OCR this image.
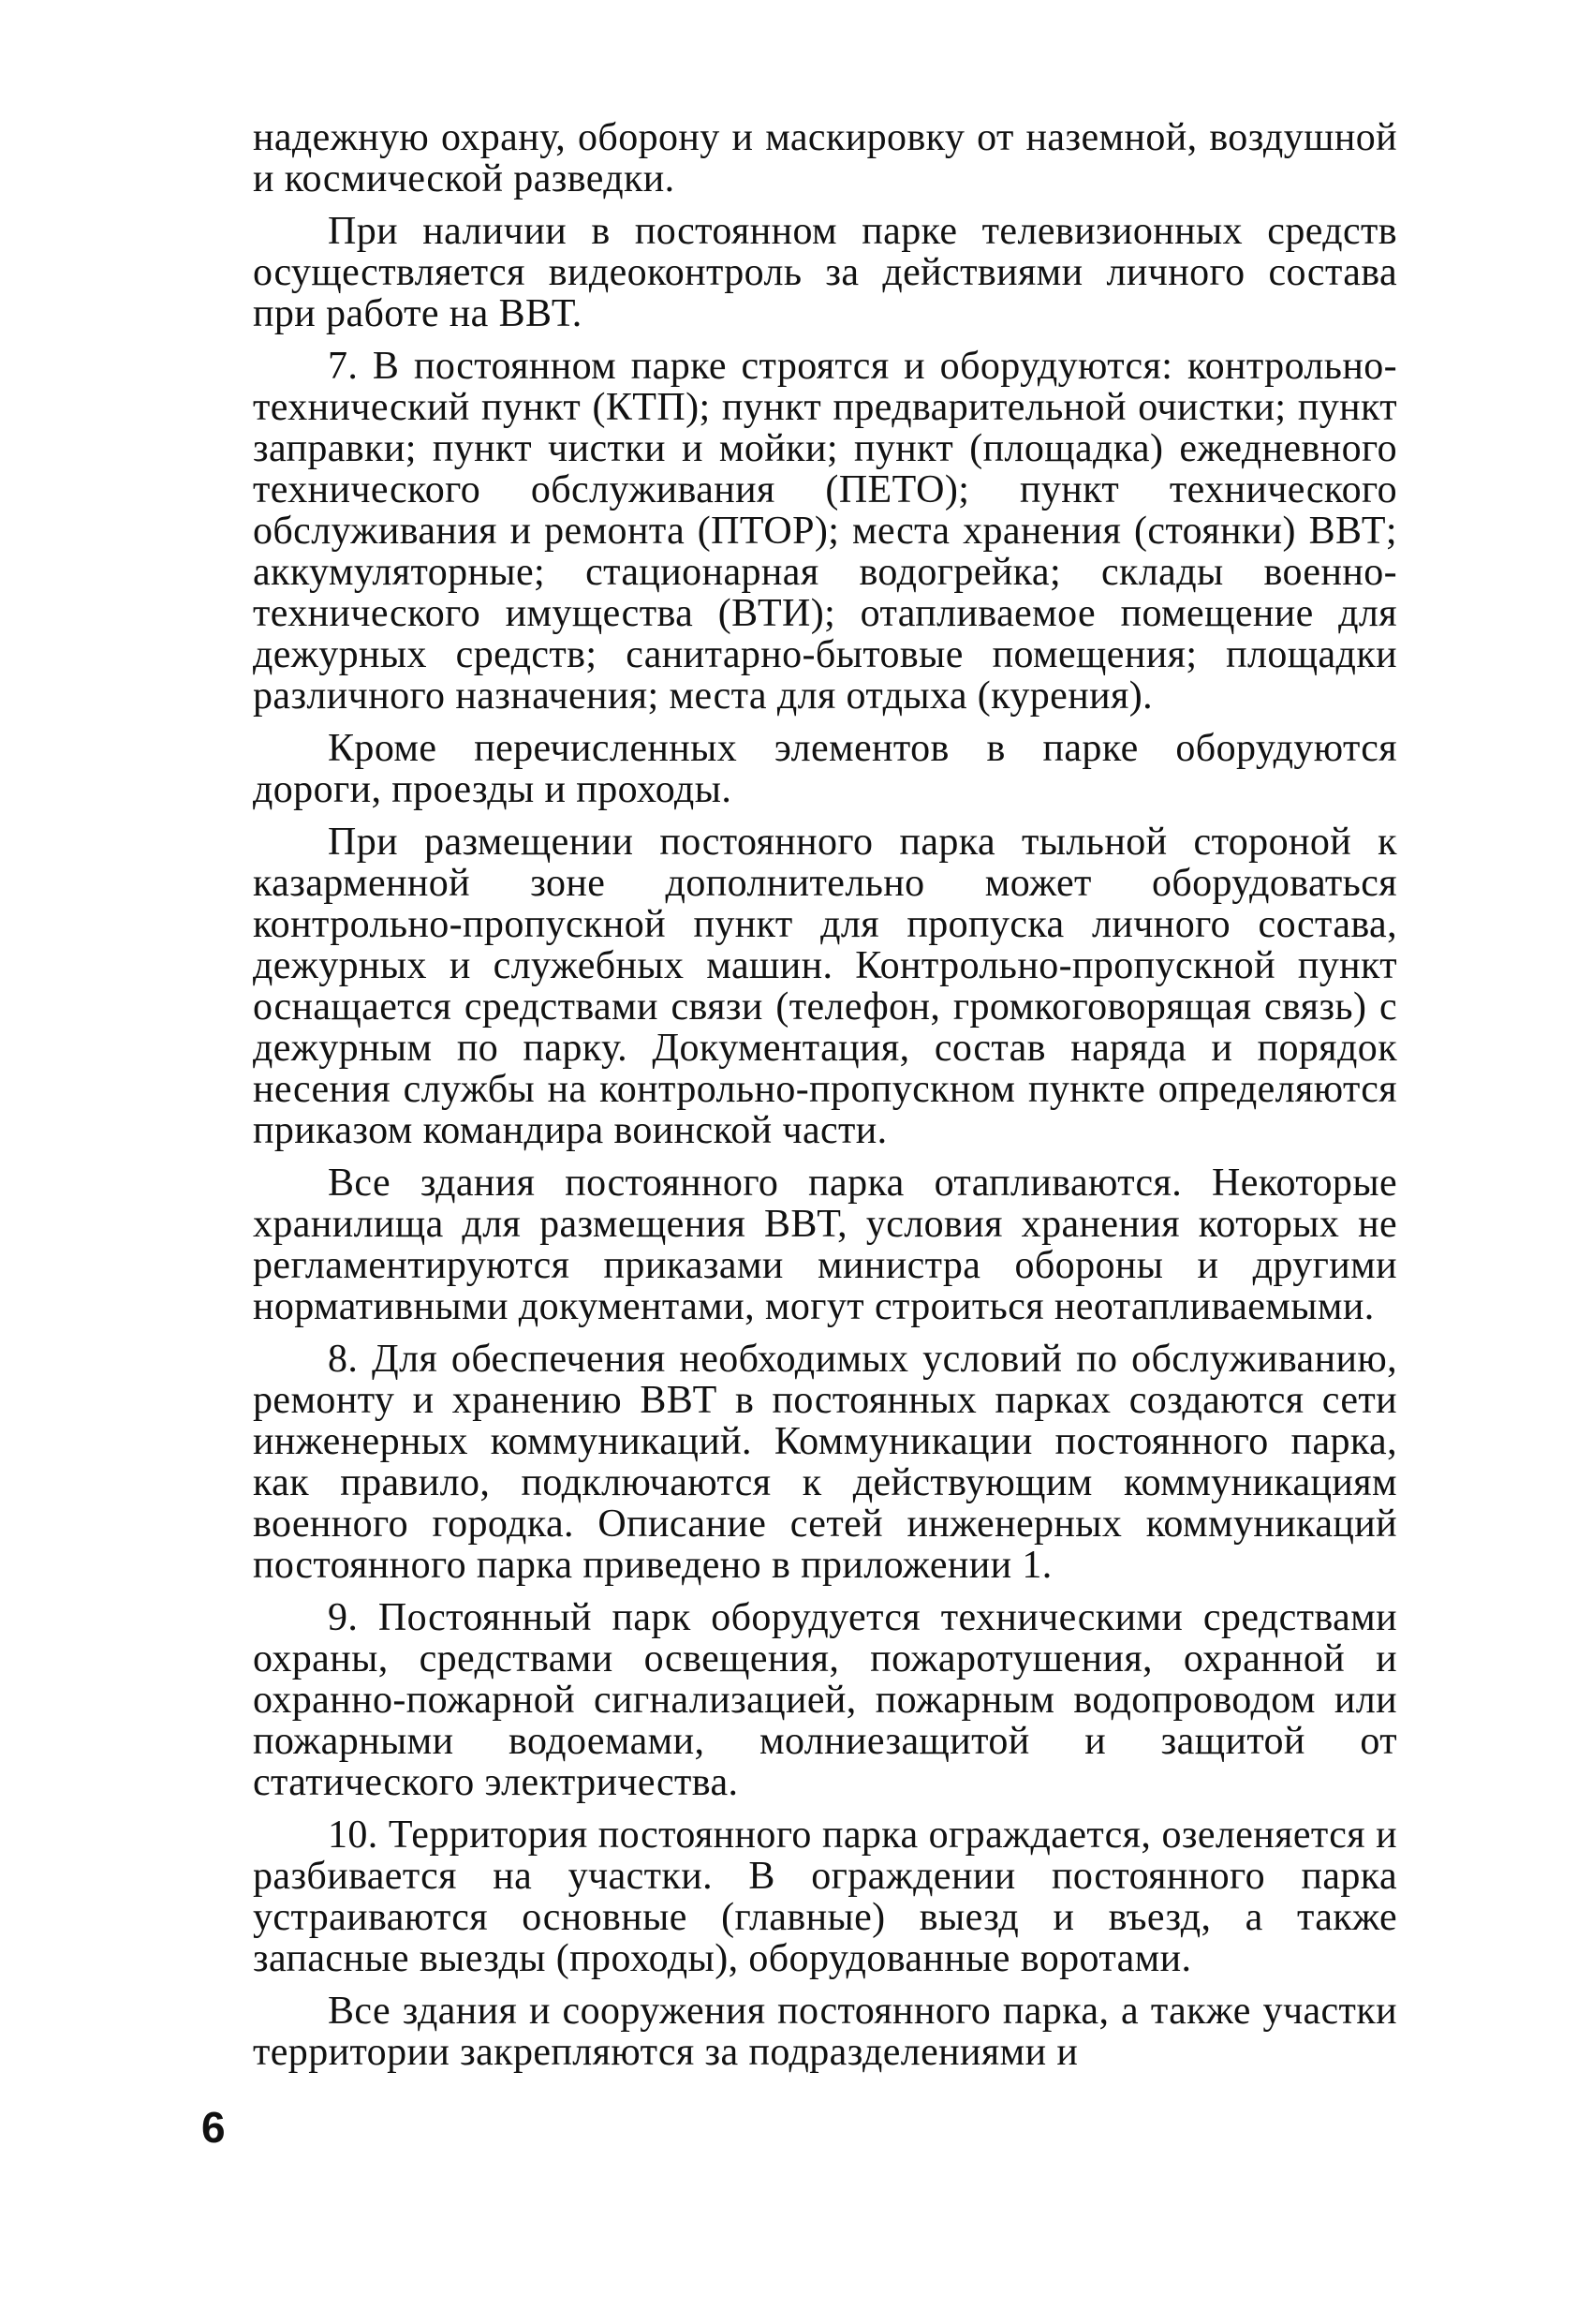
надежную охрану, оборону и маскировку от наземной, воздушной и космической разведки.

При наличии в постоянном парке телевизионных средств осуществляется видеоконтроль за действиями личного состава при работе на ВВТ.

7. В постоянном парке строятся и оборудуются: контрольно-технический пункт (КТП); пункт предварительной очистки; пункт заправки; пункт чистки и мойки; пункт (площадка) ежедневного технического обслуживания (ПЕТО); пункт технического обслуживания и ремонта (ПТОР); места хранения (стоянки) ВВТ; аккумуляторные; стационарная водогрейка; склады военно-технического имущества (ВТИ); отапливаемое помещение для дежурных средств; санитарно-бытовые помещения; площадки различного назначения; места для отдыха (курения).

Кроме перечисленных элементов в парке оборудуются дороги, проезды и проходы.

При размещении постоянного парка тыльной стороной к казарменной зоне дополнительно может оборудоваться контрольно-пропускной пункт для пропуска личного состава, дежурных и служебных машин. Контрольно-пропускной пункт оснащается средствами связи (телефон, громкоговорящая связь) с дежурным по парку. Документация, состав наряда и порядок несения службы на контрольно-пропускном пункте определяются приказом командира воинской части.

Все здания постоянного парка отапливаются. Некоторые хранилища для размещения ВВТ, условия хранения которых не регламентируются приказами министра обороны и другими нормативными документами, могут строиться неотапливаемыми.

8. Для обеспечения необходимых условий по обслуживанию, ремонту и хранению ВВТ в постоянных парках создаются сети инженерных коммуникаций. Коммуникации постоянного парка, как правило, подключаются к действующим коммуникациям военного городка. Описание сетей инженерных коммуникаций постоянного парка приведено в приложении 1.

9. Постоянный парк оборудуется техническими средствами охраны, средствами освещения, пожаротушения, охранной и охранно-пожарной сигнализацией, пожарным водопроводом или пожарными водоемами, молниезащитой и защитой от статического электричества.

10. Территория постоянного парка ограждается, озеленяется и разбивается на участки. В ограждении постоянного парка устраиваются основные (главные) выезд и въезд, а также запасные выезды (проходы), оборудованные воротами.

Все здания и сооружения постоянного парка, а также участки территории закрепляются за подразделениями и

6
